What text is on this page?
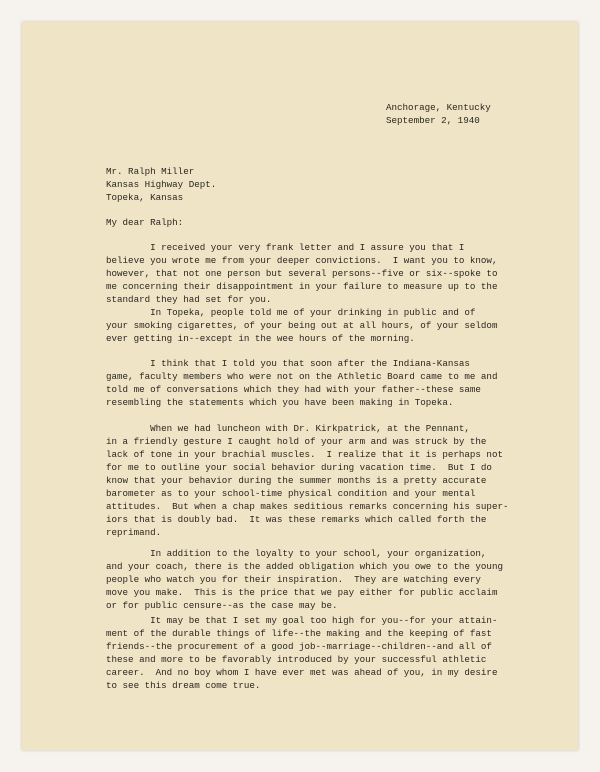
Anchorage, Kentucky
September 2, 1940
Mr. Ralph Miller
Kansas Highway Dept.
Topeka, Kansas
My dear Ralph:
I received your very frank letter and I assure you that I
believe you wrote me from your deeper convictions.  I want you to know,
however, that not one person but several persons--five or six--spoke to
me concerning their disappointment in your failure to measure up to the
standard they had set for you.
In Topeka, people told me of your drinking in public and of
your smoking cigarettes, of your being out at all hours, of your seldom
ever getting in--except in the wee hours of the morning.
I think that I told you that soon after the Indiana-Kansas
game, faculty members who were not on the Athletic Board came to me and
told me of conversations which they had with your father--these same
resembling the statements which you have been making in Topeka.
When we had luncheon with Dr. Kirkpatrick, at the Pennant,
in a friendly gesture I caught hold of your arm and was struck by the
lack of tone in your brachial muscles.  I realize that it is perhaps not
for me to outline your social behavior during vacation time.  But I do
know that your behavior during the summer months is a pretty accurate
barometer as to your school-time physical condition and your mental
attitudes.  But when a chap makes seditious remarks concerning his super-
iors that is doubly bad.  It was these remarks which called forth the
reprimand.
In addition to the loyalty to your school, your organization,
and your coach, there is the added obligation which you owe to the young
people who watch you for their inspiration.  They are watching every
move you make.  This is the price that we pay either for public acclaim
or for public censure--as the case may be.
It may be that I set my goal too high for you--for your attain-
ment of the durable things of life--the making and the keeping of fast
friends--the procurement of a good job--marriage--children--and all of
these and more to be favorably introduced by your successful athletic
career.  And no boy whom I have ever met was ahead of you, in my desire
to see this dream come true.
